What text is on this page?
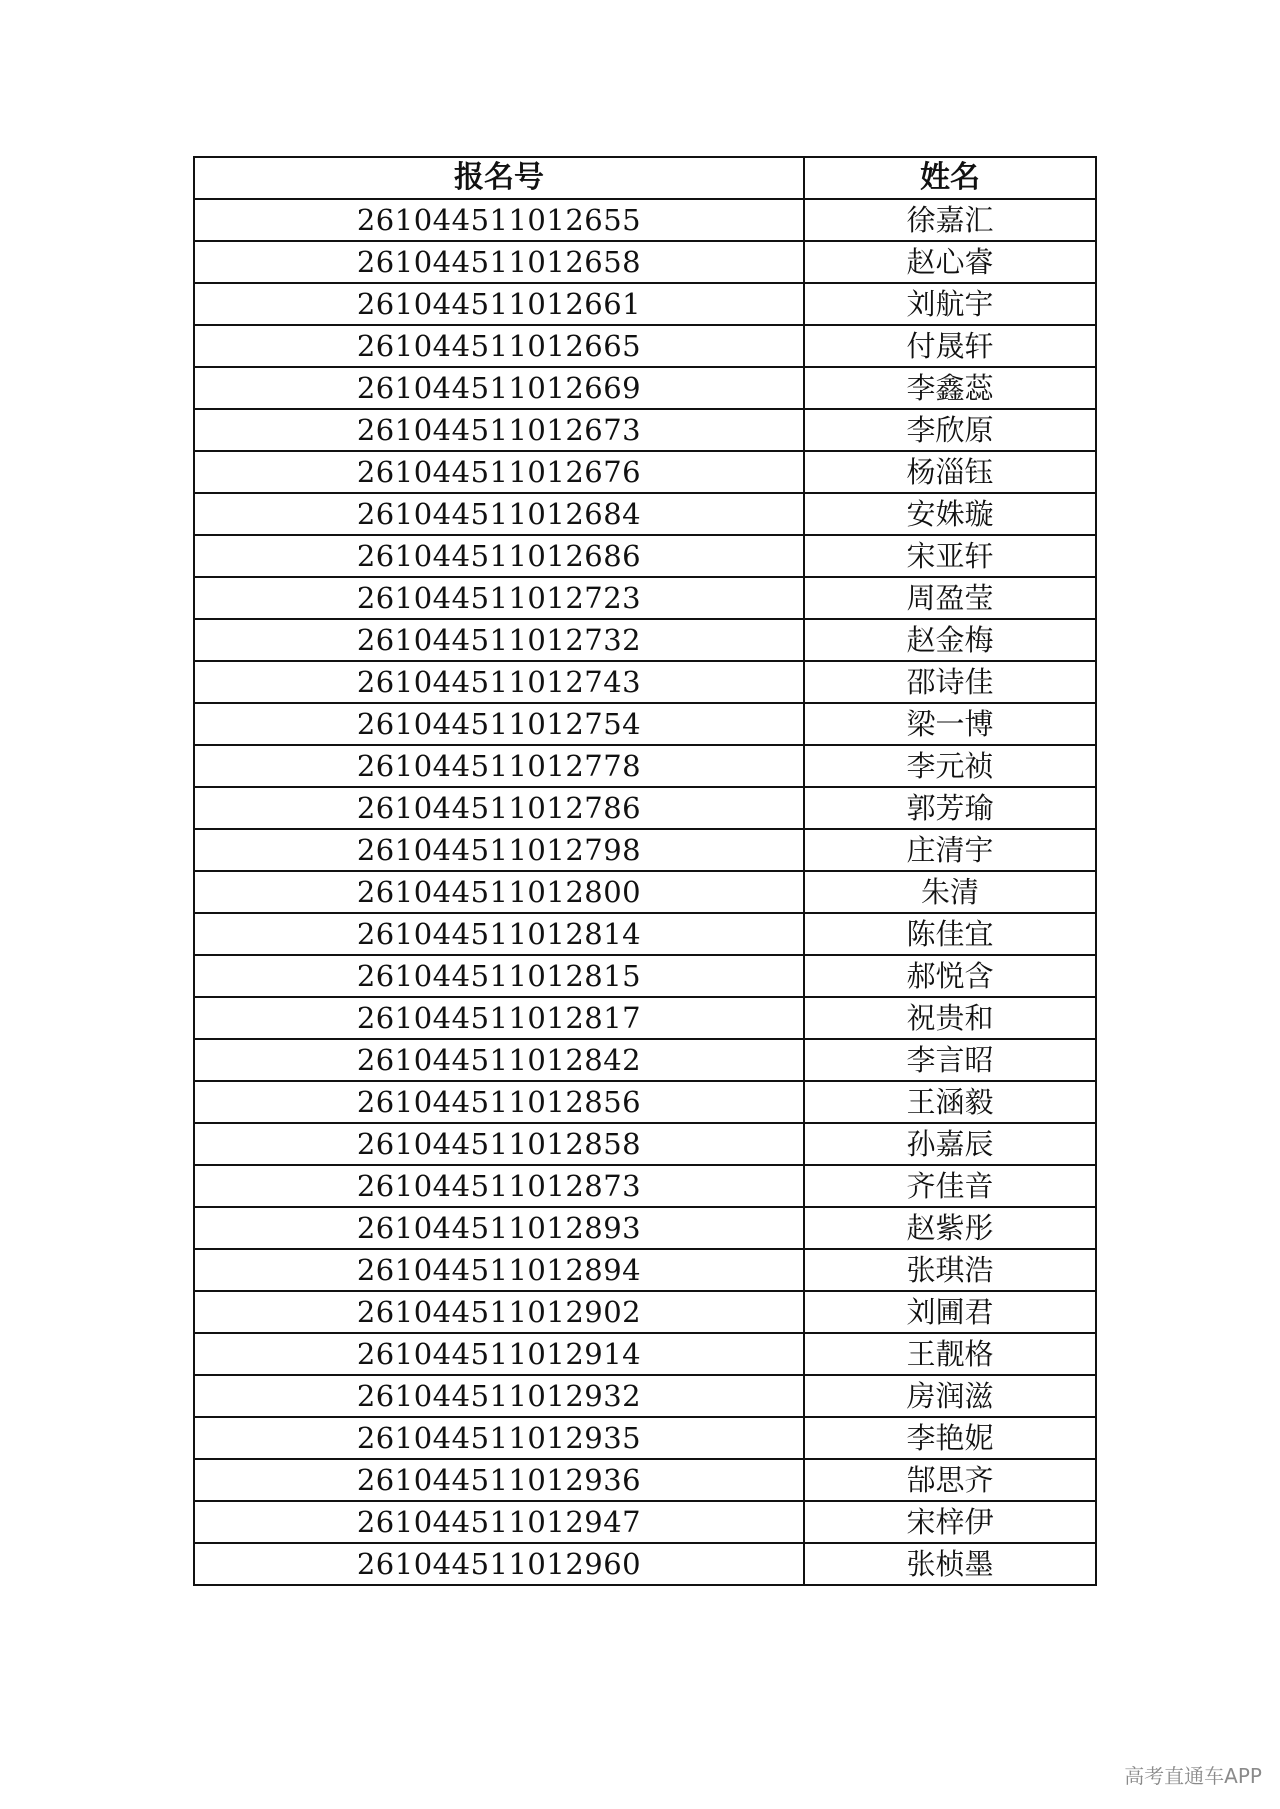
报名号	姓名
261044511012655	徐嘉汇
261044511012658	赵心睿
261044511012661	刘航宇
261044511012665	付晟轩
261044511012669	李鑫蕊
261044511012673	李欣原
261044511012676	杨淄钰
261044511012684	安姝璇
261044511012686	宋亚轩
261044511012723	周盈莹
261044511012732	赵金梅
261044511012743	邵诗佳
261044511012754	梁一博
261044511012778	李元祯
261044511012786	郭芳瑜
261044511012798	庄清宇
261044511012800	朱清
261044511012814	陈佳宜
261044511012815	郝悦含
261044511012817	祝贵和
261044511012842	李言昭
261044511012856	王涵毅
261044511012858	孙嘉辰
261044511012873	齐佳音
261044511012893	赵紫彤
261044511012894	张琪浩
261044511012902	刘圃君
261044511012914	王靓格
261044511012932	房润滋
261044511012935	李艳妮
261044511012936	郜思齐
261044511012947	宋梓伊
261044511012960	张桢墨
高考直通车APP
